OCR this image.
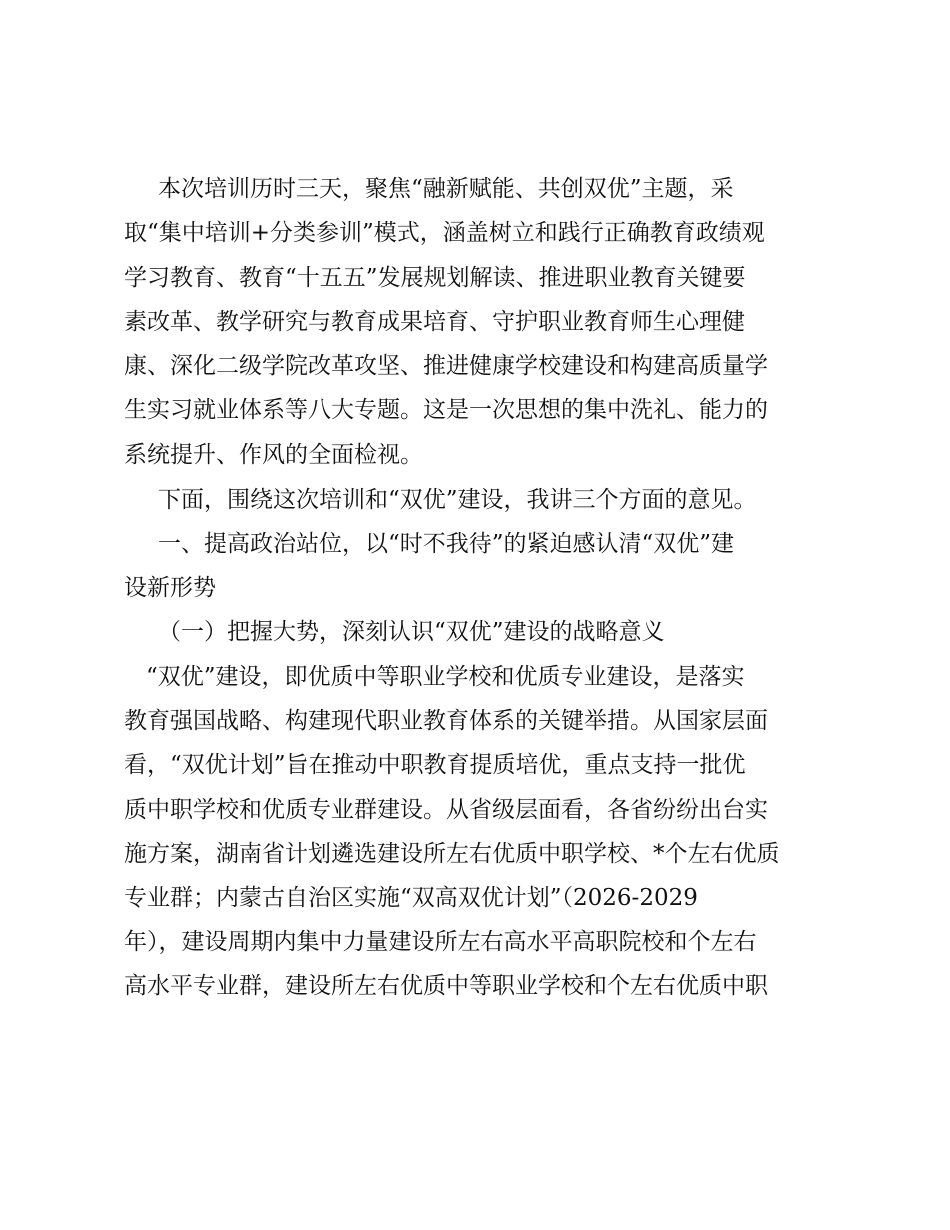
本次培训历时三天，聚焦“融新赋能、共创双优”主题，采

取“集中培训+分类参训”模式，涵盖树立和践行正确教育政绩观

学习教育、教育“十五五”发展规划解读、推进职业教育关键要

素改革、教学研究与教育成果培育、守护职业教育师生心理健

康、深化二级学院改革攻坚、推进健康学校建设和构建高质量学

生实习就业体系等八大专题。这是一次思想的集中洗礼、能力的

系统提升、作风的全面检视。

下面，围绕这次培训和“双优”建设，我讲三个方面的意见。

一、提高政治站位，以“时不我待”的紧迫感认清“双优”建

设新形势

（一）把握大势，深刻认识“双优”建设的战略意义

“双优”建设，即优质中等职业学校和优质专业建设，是落实

教育强国战略、构建现代职业教育体系的关键举措。从国家层面

看，“双优计划”旨在推动中职教育提质培优，重点支持一批优

质中职学校和优质专业群建设。从省级层面看，各省纷纷出台实

施方案，湖南省计划遴选建设所左右优质中职学校、*个左右优质

专业群；内蒙古自治区实施“双高双优计划”（2026-2029

年），建设周期内集中力量建设所左右高水平高职院校和个左右

高水平专业群，建设所左右优质中等职业学校和个左右优质中职
